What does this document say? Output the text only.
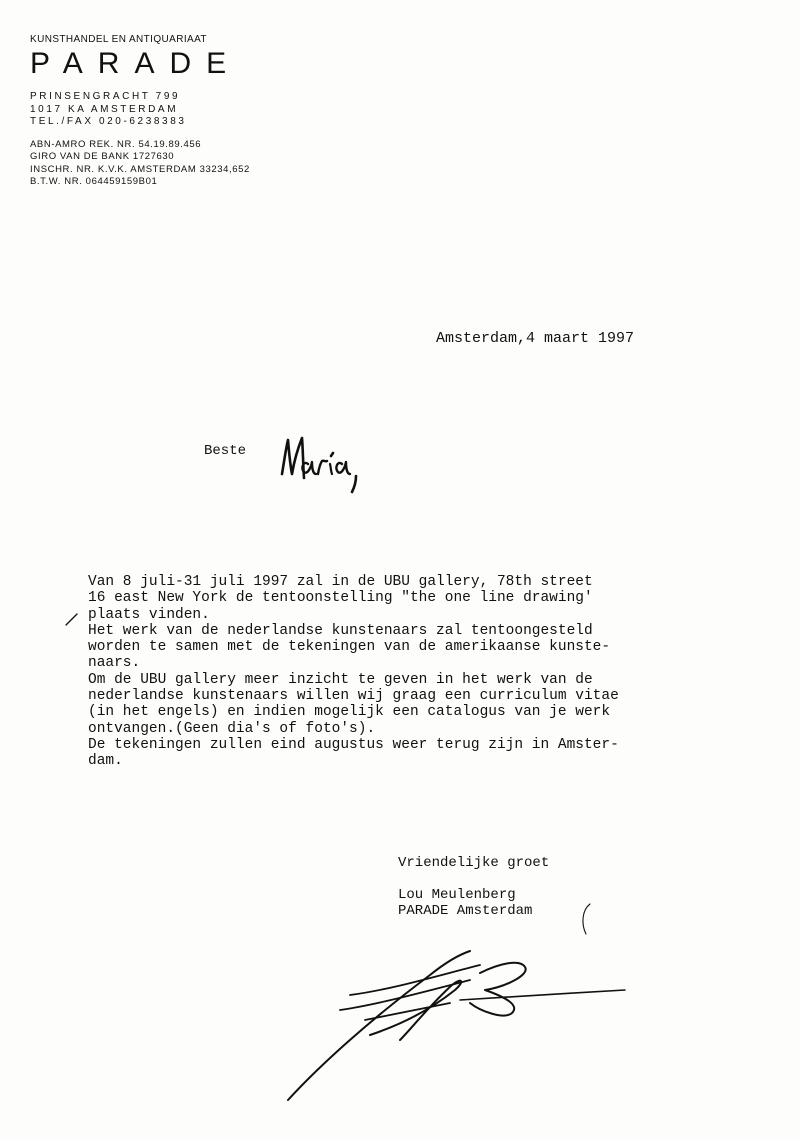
KUNSTHANDEL EN ANTIQUARIAAT
PARADE
PRINSENGRACHT 799
1017 KA AMSTERDAM
TEL./FAX 020-6238383
ABN-AMRO REK. NR. 54.19.89.456
GIRO VAN DE BANK 1727630
INSCHR. NR. K.V.K. AMSTERDAM 33234,652
B.T.W. NR. 064459159B01
Amsterdam,4 maart 1997
Beste
Van 8 juli-31 juli 1997 zal in de UBU gallery, 78th street
16 east New York de tentoonstelling "the one line drawing'
plaats vinden.
Het werk van de nederlandse kunstenaars zal tentoongesteld
worden te samen met de tekeningen van de amerikaanse kunste-
naars.
Om de UBU gallery meer inzicht te geven in het werk van de
nederlandse kunstenaars willen wij graag een curriculum vitae
(in het engels) en indien mogelijk een catalogus van je werk
ontvangen.(Geen dia's of foto's).
De tekeningen zullen eind augustus weer terug zijn in Amster-
dam.
Vriendelijke groet
Lou Meulenberg
PARADE Amsterdam
